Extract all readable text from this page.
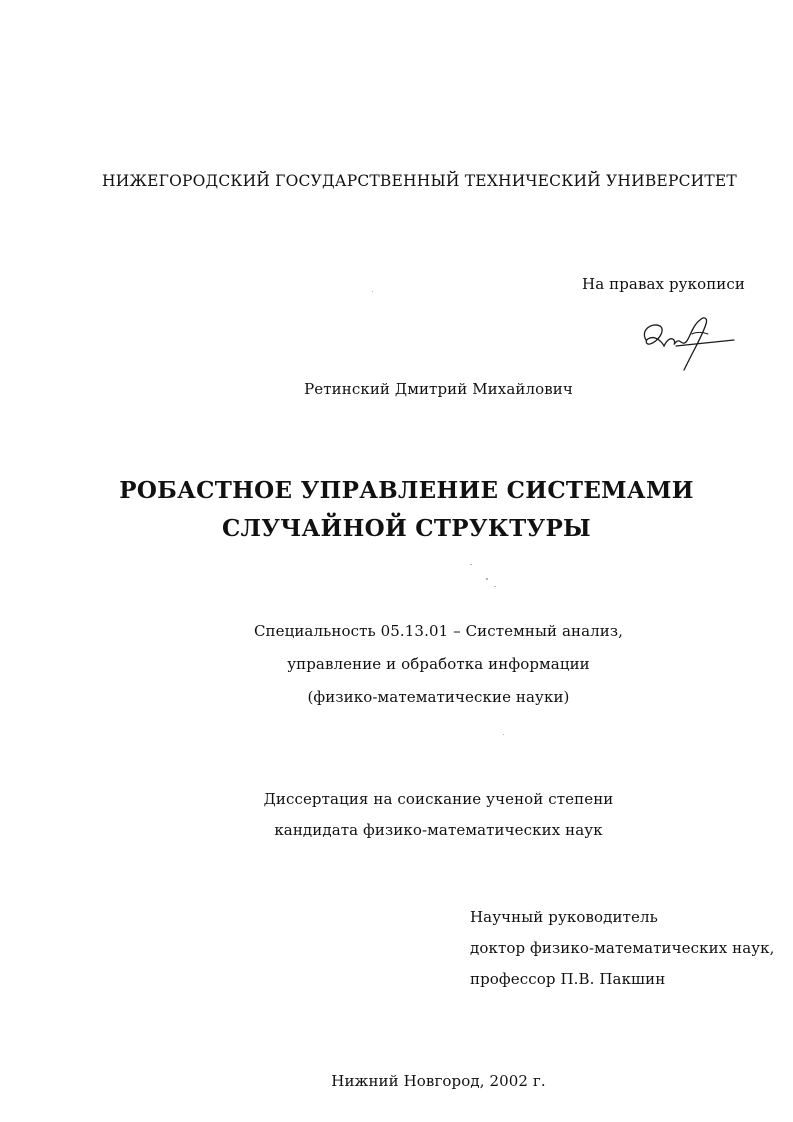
НИЖЕГОРОДСКИЙ ГОСУДАРСТВЕННЫЙ ТЕХНИЧЕСКИЙ УНИВЕРСИТЕТ
На правах рукописи
Ретинский Дмитрий Михайлович
РОБАСТНОЕ УПРАВЛЕНИЕ СИСТЕМАМИ
СЛУЧАЙНОЙ СТРУКТУРЫ
Специальность 05.13.01 – Системный анализ,
управление и обработка информации
(физико-математические науки)
Диссертация на соискание ученой степени
кандидата физико-математических наук
Научный руководитель
доктор физико-математических наук,
профессор П.В. Пакшин
Нижний Новгород, 2002 г.
